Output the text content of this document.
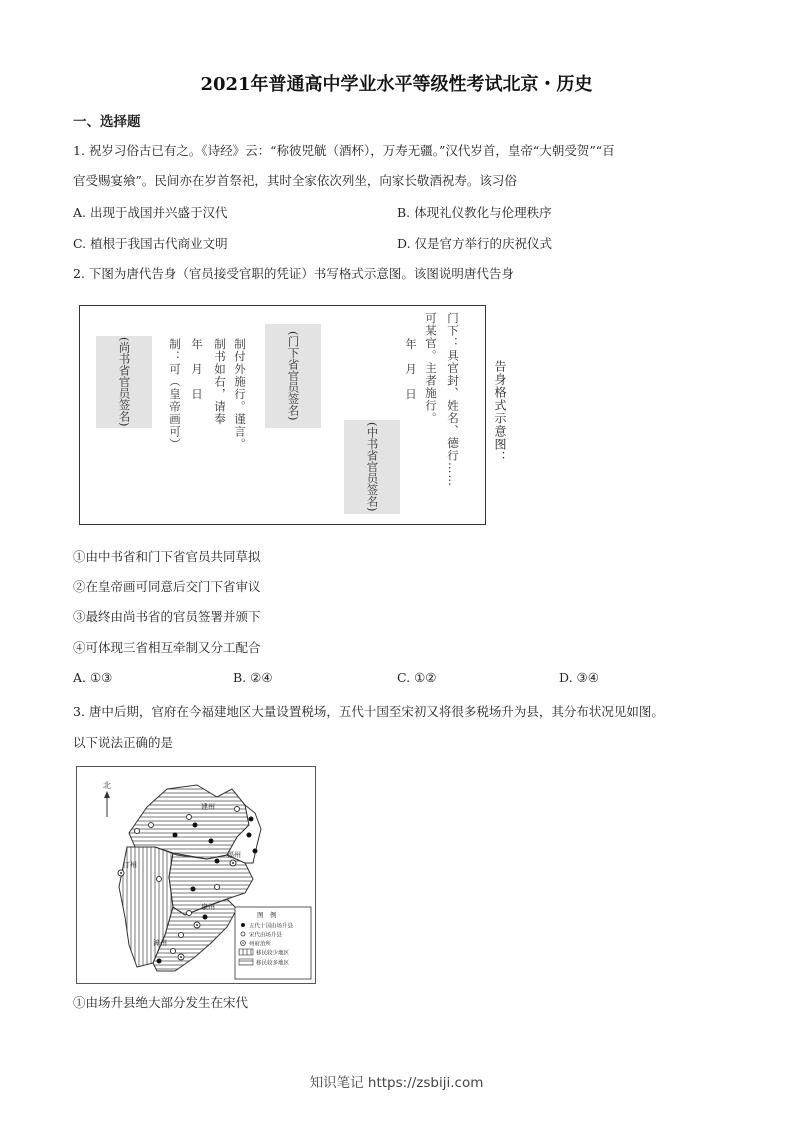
2021年普通高中学业水平等级性考试北京・历史
一、选择题
1. 祝岁习俗古已有之。《诗经》云：“称彼兕觥（酒杯），万寿无疆。”汉代岁首，皇帝“大朝受贺”“百
官受赐宴飨”。民间亦在岁首祭祀，其时全家依次列坐，向家长敬酒祝寿。该习俗
A. 出现于战国并兴盛于汉代	B. 体现礼仪教化与伦理秩序
C. 植根于我国古代商业文明	D. 仅是官方举行的庆祝仪式
2. 下图为唐代告身（官员接受官职的凭证）书写格式示意图。该图说明唐代告身
(尚书省官员签名)	制：可（皇帝画可） 年　月　日 制书如右，请奉 制付外施行。谨言。	(门下省官员签名)
(中书省官员签名)
年　月　日 可某官。主者施行。 门下：具官封、姓名、德行……	告身格式示意图：
①由中书省和门下省官员共同草拟
②在皇帝画可同意后交门下省审议
③最终由尚书省的官员签署并颁下
④可体现三省相互牵制又分工配合
A. ①③	B. ②④	C. ①②	D. ③④
3. 唐中后期，官府在今福建地区大量设置税场，五代十国至宋初又将很多税场升为县，其分布状况见如图。
以下说法正确的是
北
建州
汀州
福州
泉州
漳州
图　例
五代十国由场升县
宋代由场升县
州府治所
移民较少地区
移民较多地区
①由场升县绝大部分发生在宋代
知识笔记 https://zsbiji.com
